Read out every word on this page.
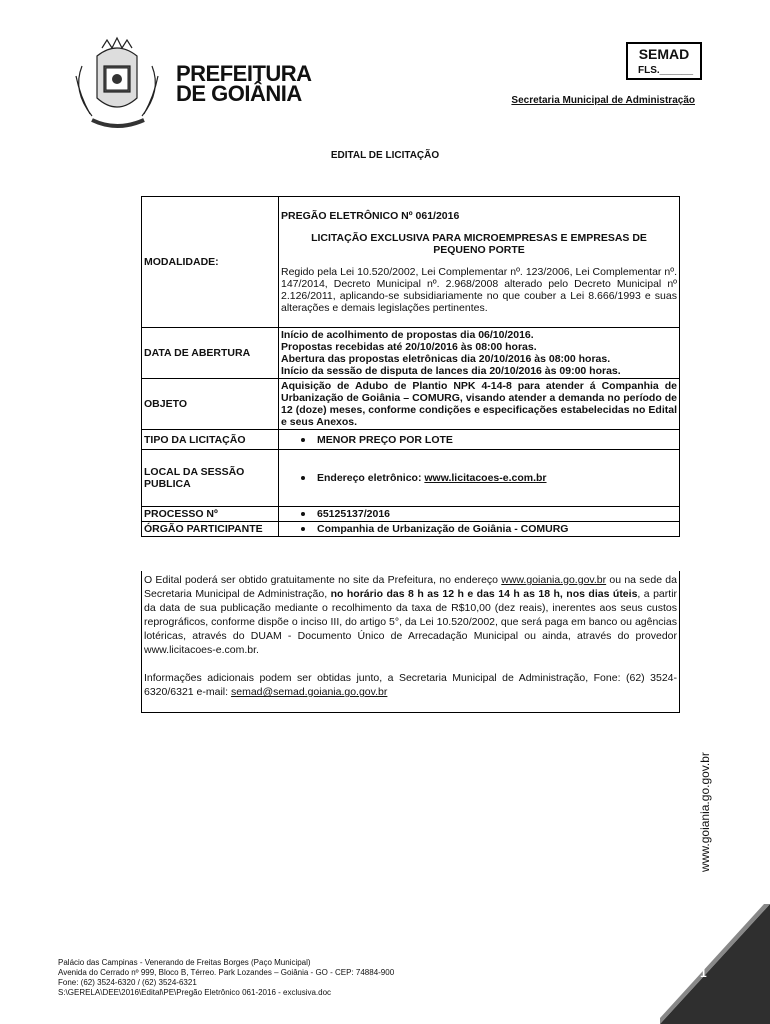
PREFEITURA
DE GOIÂNIA
SEMAD
FLS.______
Secretaria Municipal de Administração
EDITAL DE LICITAÇÃO
MODALIDADE:	PREGÃO ELETRÔNICO Nº 061/2016
LICITAÇÃO EXCLUSIVA PARA MICROEMPRESAS E EMPRESAS DE PEQUENO PORTE
Regido pela Lei 10.520/2002, Lei Complementar nº. 123/2006, Lei Complementar nº. 147/2014, Decreto Municipal nº. 2.968/2008 alterado pelo Decreto Municipal nº 2.126/2011, aplicando-se subsidiariamente no que couber a Lei 8.666/1993 e suas alterações e demais legislações pertinentes.

DATA DE ABERTURA	Início de acolhimento de propostas dia 06/10/2016.
Propostas recebidas até 20/10/2016 às 08:00 horas.
Abertura das propostas eletrônicas dia 20/10/2016 às 08:00 horas.
Início da sessão de disputa de lances dia 20/10/2016 às 09:00 horas.

OBJETO	Aquisição de Adubo de Plantio NPK 4-14-8 para atender á Companhia de Urbanização de Goiânia – COMURG, visando atender a demanda no período de 12 (doze) meses, conforme condições e especificações estabelecidas no Edital e seus Anexos.
TIPO DA LICITAÇÃO	MENOR PREÇO POR LOTE

LOCAL DA SESSÃO PUBLICA	Endereço eletrônico: www.licitacoes-e.com.br

PROCESSO Nº	65125137/2016

ÓRGÃO PARTICIPANTE	Companhia de Urbanização de Goiânia - COMURG

O Edital poderá ser obtido gratuitamente no site da Prefeitura, no endereço www.goiania.go.gov.br ou na sede da Secretaria Municipal de Administração, no horário das 8 h as 12 h e das 14 h as 18 h, nos dias úteis, a partir da data de sua publicação mediante o recolhimento da taxa de R$10,00 (dez reais), inerentes aos seus custos reprográficos, conforme dispõe o inciso III, do artigo 5°, da Lei 10.520/2002, que será paga em banco ou agências lotéricas, através do DUAM - Documento Único de Arrecadação Municipal ou ainda, através do provedor www.licitacoes-e.com.br.

Informações adicionais podem ser obtidas junto, a Secretaria Municipal de Administração, Fone: (62) 3524-6320/6321 e-mail: semad@semad.goiania.go.gov.br

www.goiania.go.gov.br
1
Palácio das Campinas - Venerando de Freitas Borges (Paço Municipal)
Avenida do Cerrado nº 999, Bloco B, Térreo. Park Lozandes – Goiânia - GO - CEP: 74884-900
Fone: (62) 3524-6320 / (62) 3524-6321
S:\GERELA\DEE\2016\Edital\PE\Pregão Eletrônico 061-2016 - exclusiva.doc
